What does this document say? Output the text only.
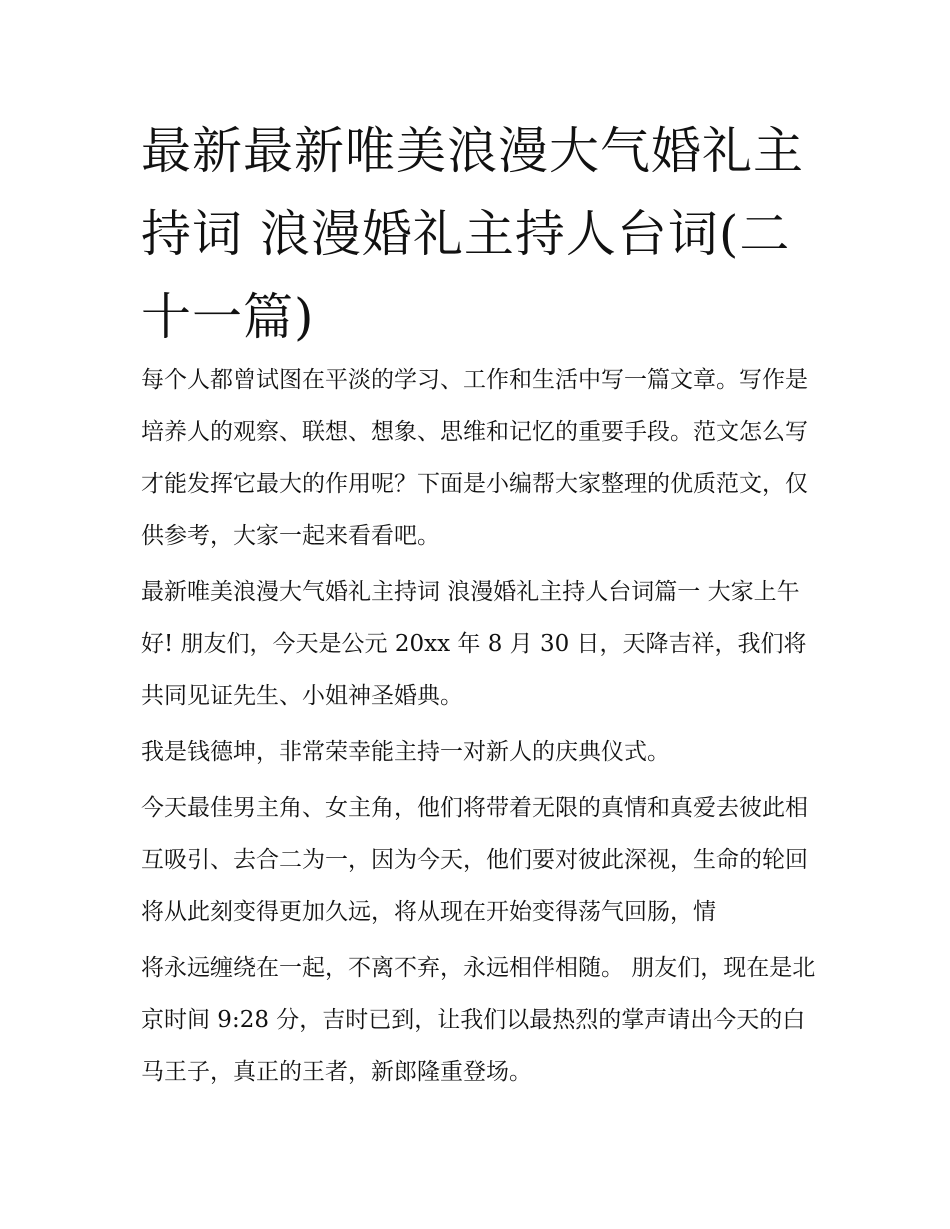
最新最新唯美浪漫大气婚礼主持词 浪漫婚礼主持人台词(二十一篇)

每个人都曾试图在平淡的学习、工作和生活中写一篇文章。写作是培养人的观察、联想、想象、思维和记忆的重要手段。范文怎么写才能发挥它最大的作用呢？下面是小编帮大家整理的优质范文，仅供参考，大家一起来看看吧。

最新唯美浪漫大气婚礼主持词 浪漫婚礼主持人台词篇一 大家上午好! 朋友们，今天是公元 20xx 年 8 月 30 日，天降吉祥，我们将共同见证先生、小姐神圣婚典。

我是钱德坤，非常荣幸能主持一对新人的庆典仪式。

今天最佳男主角、女主角，他们将带着无限的真情和真爱去彼此相互吸引、去合二为一，因为今天，他们要对彼此深视，生命的轮回将从此刻变得更加久远，将从现在开始变得荡气回肠，情

将永远缠绕在一起，不离不弃，永远相伴相随。 朋友们，现在是北京时间 9:28 分，吉时已到，让我们以最热烈的掌声请出今天的白马王子，真正的王者，新郎隆重登场。
